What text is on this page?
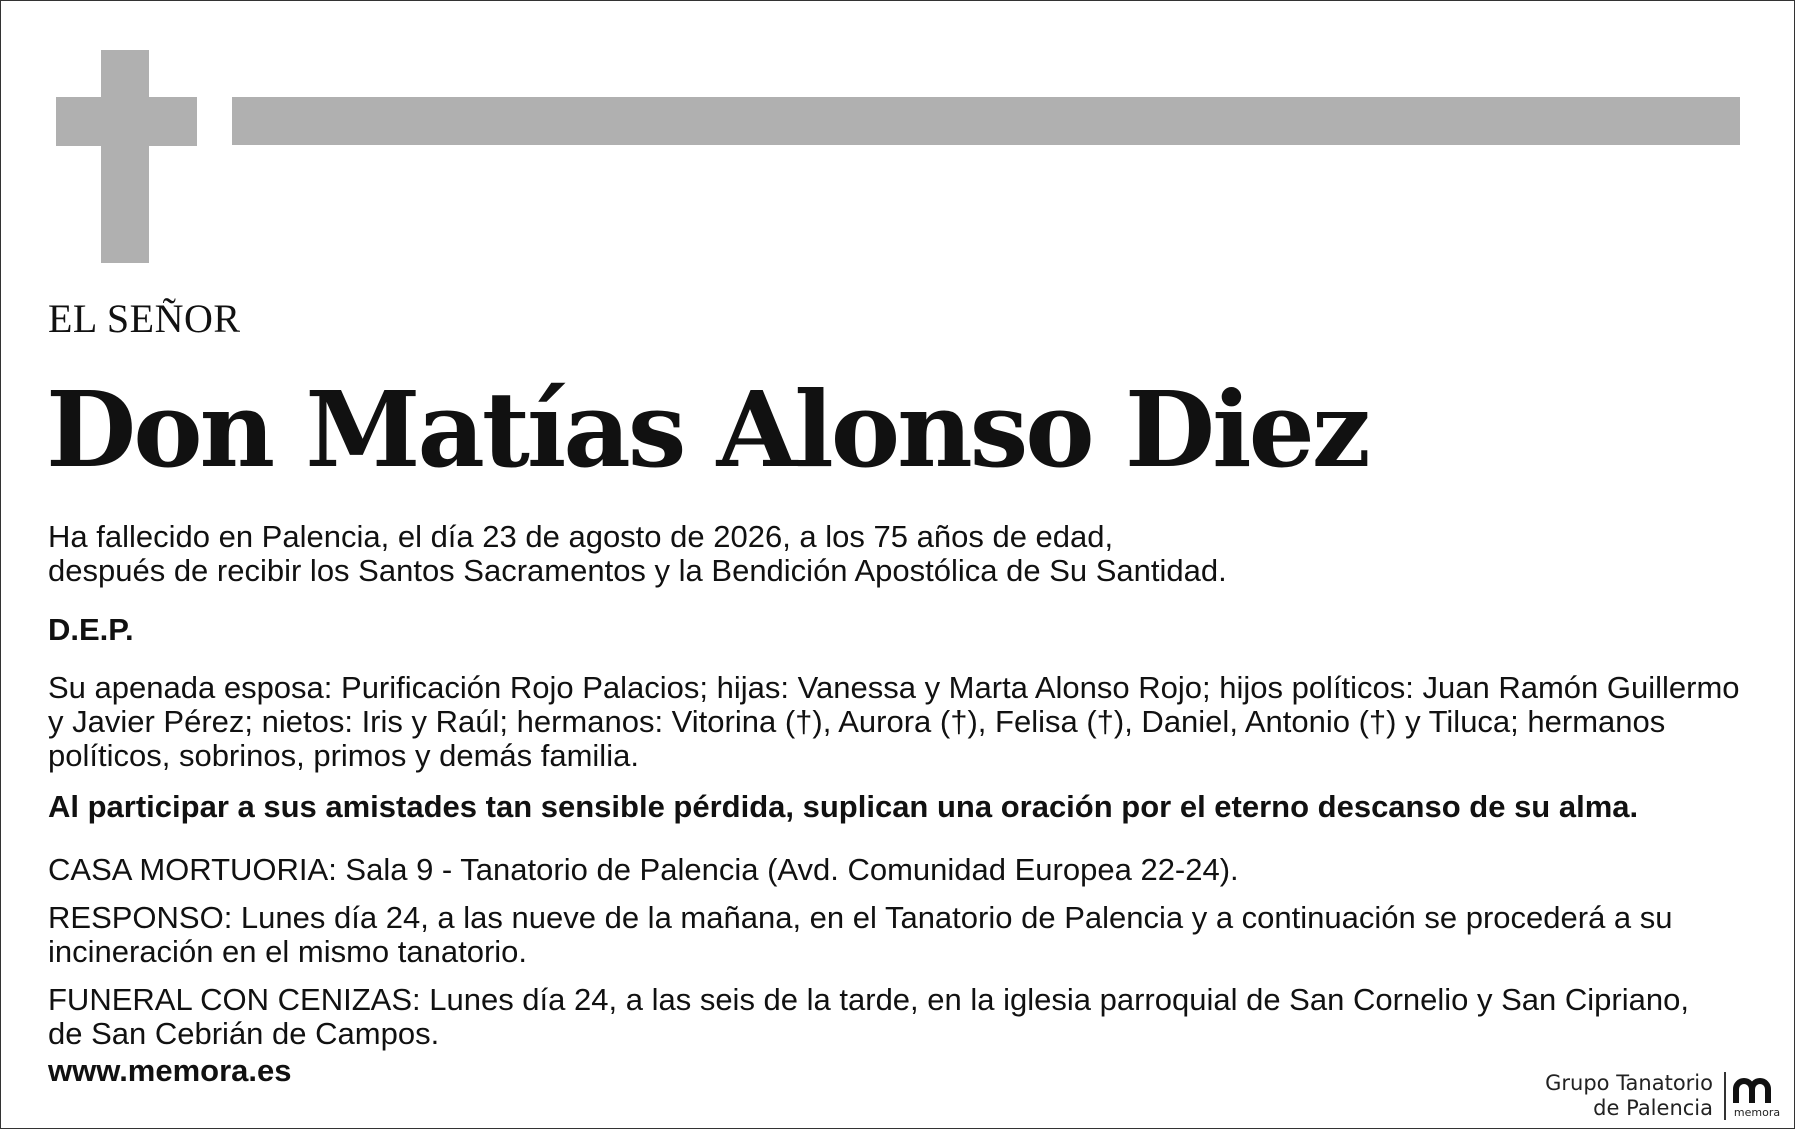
EL SEÑOR
Don Matías Alonso Diez
Ha fallecido en Palencia, el día 23 de agosto de 2026, a los 75 años de edad,
después de recibir los Santos Sacramentos y la Bendición Apostólica de Su Santidad.
D.E.P.
Su apenada esposa: Purificación Rojo Palacios; hijas: Vanessa y Marta Alonso Rojo; hijos políticos: Juan Ramón Guillermo
y Javier Pérez; nietos: Iris y Raúl; hermanos: Vitorina (†), Aurora (†), Felisa (†), Daniel, Antonio (†) y Tiluca; hermanos
políticos, sobrinos, primos y demás familia.
Al participar a sus amistades tan sensible pérdida, suplican una oración por el eterno descanso de su alma.
CASA MORTUORIA: Sala 9 - Tanatorio de Palencia (Avd. Comunidad Europea 22-24).
RESPONSO: Lunes día 24, a las nueve de la mañana, en el Tanatorio de Palencia y a continuación se procederá a su
incineración en el mismo tanatorio.
FUNERAL CON CENIZAS: Lunes día 24, a las seis de la tarde, en la iglesia parroquial de San Cornelio y San Cipriano,
de San Cebrián de Campos.
www.memora.es	Grupo Tanatorio
de Palencia memora
